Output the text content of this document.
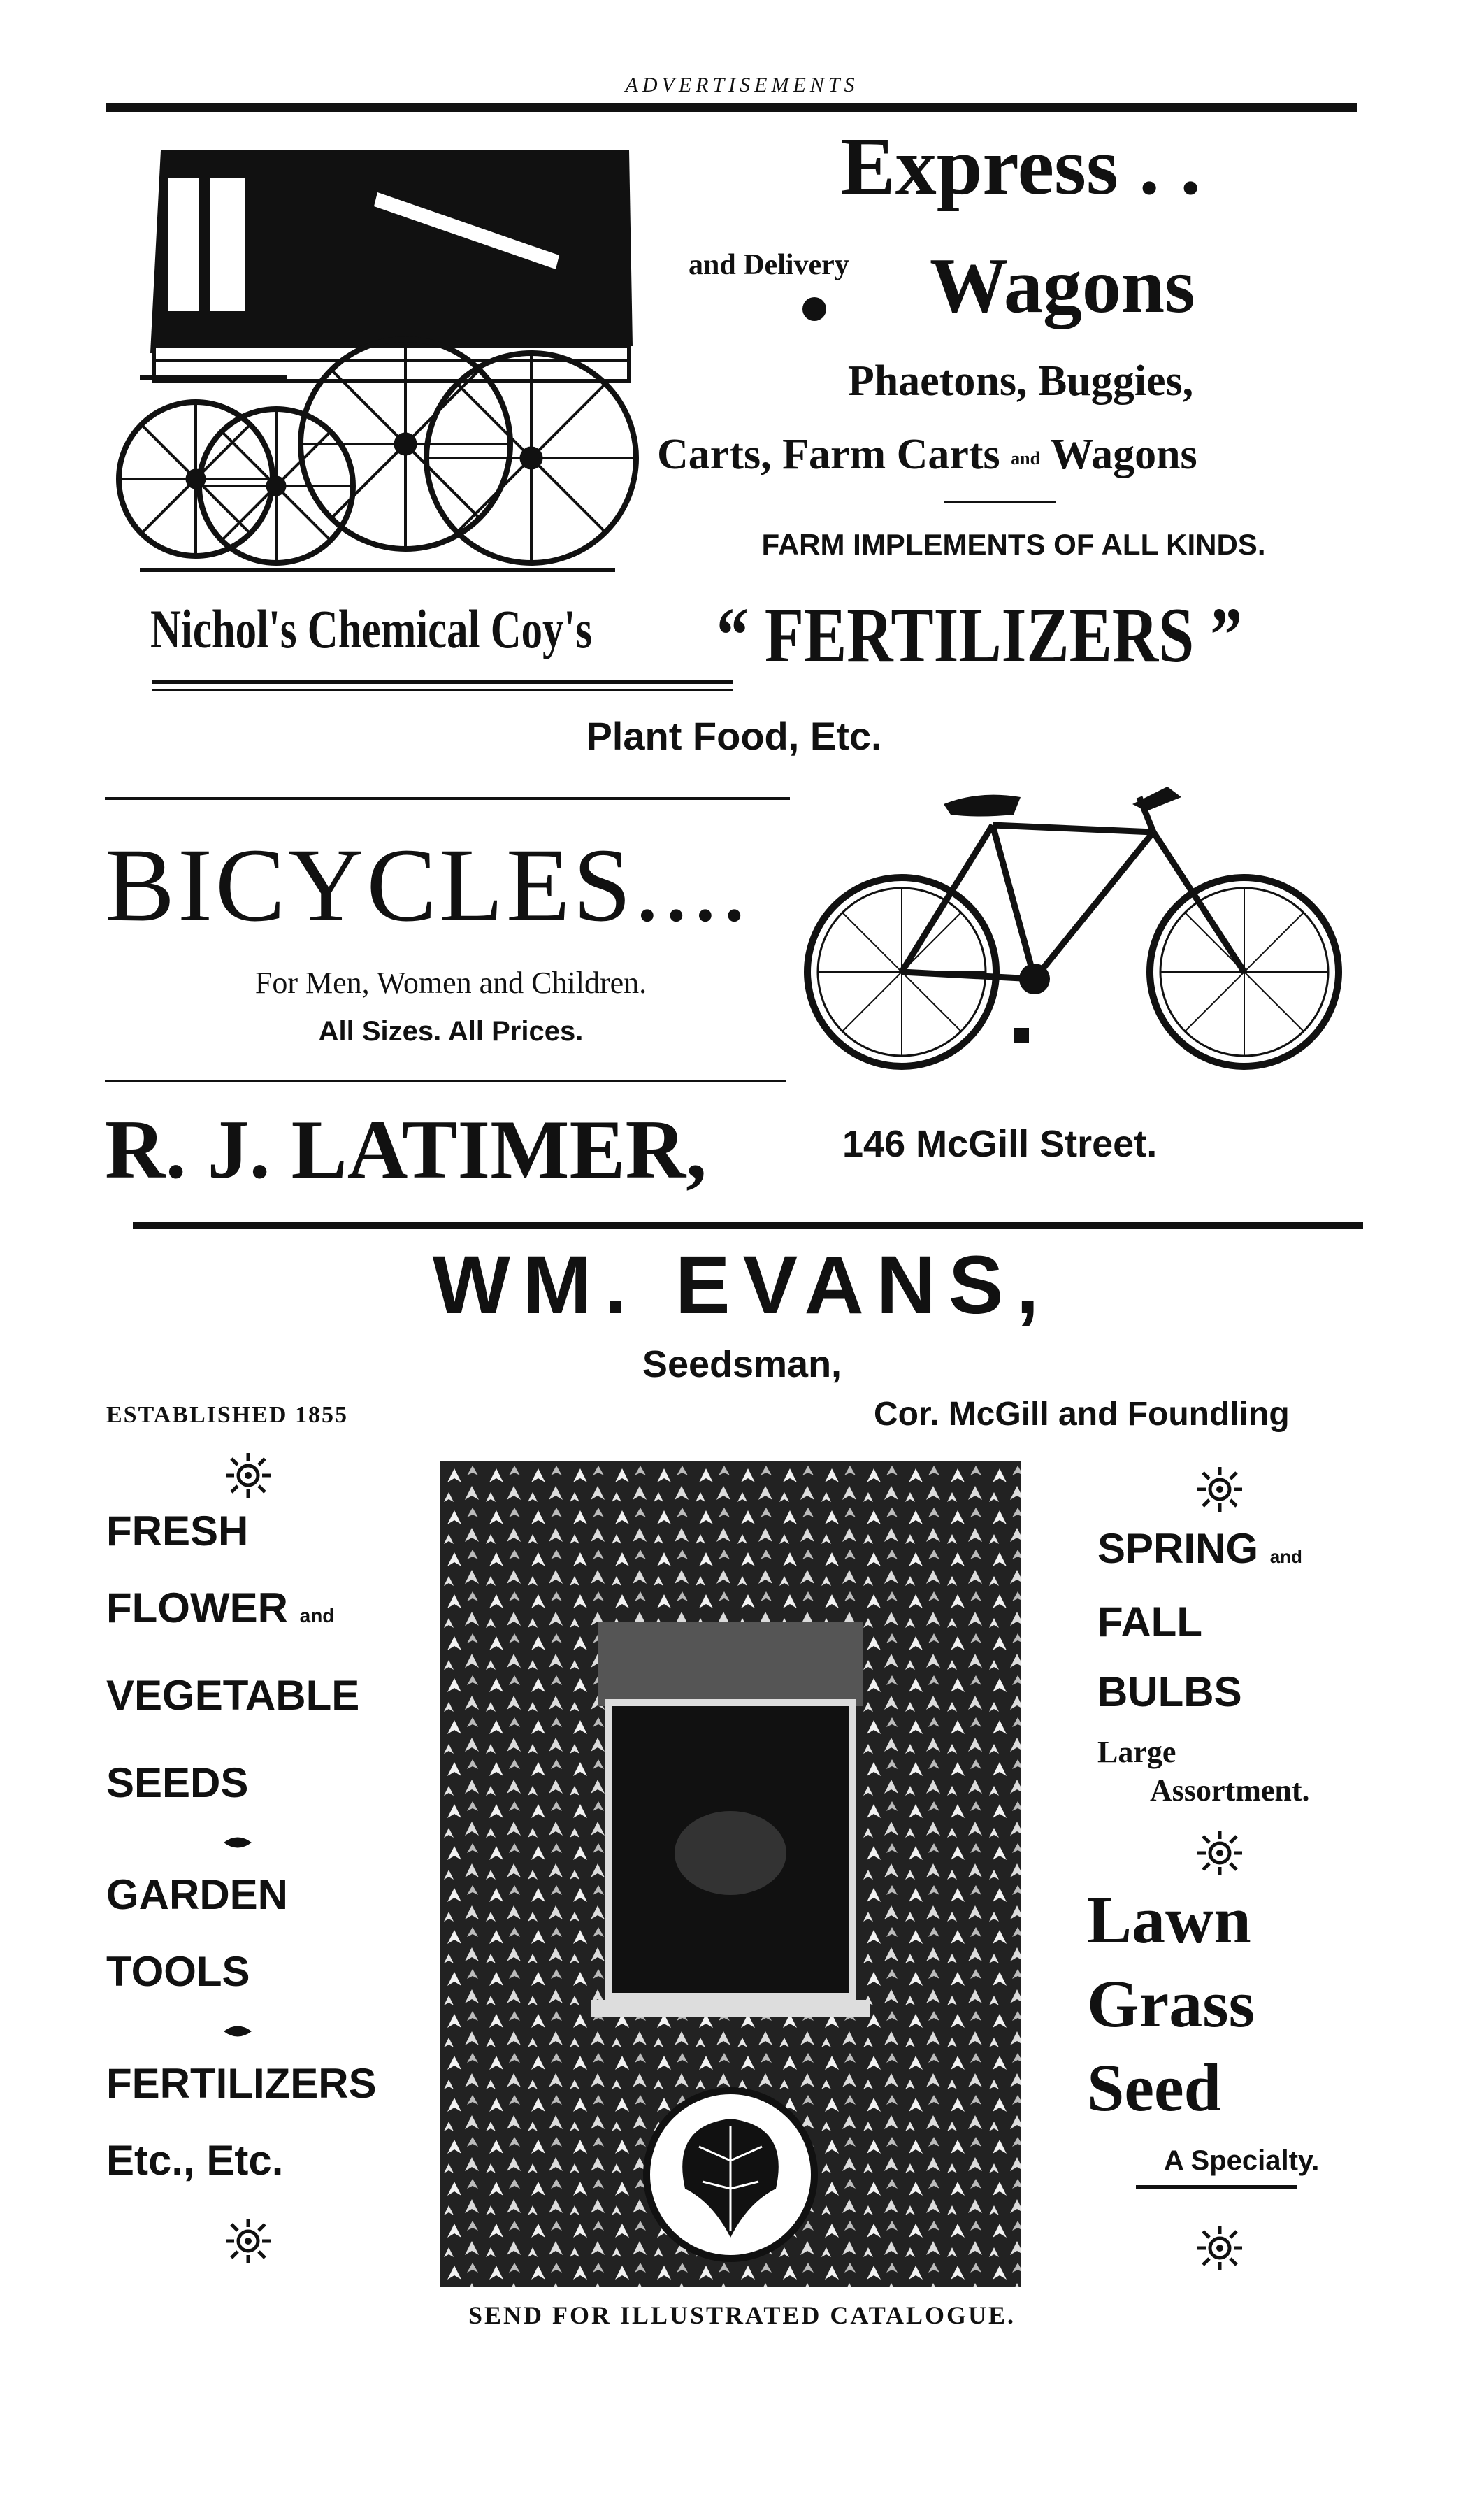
ADVERTISEMENTS
Express . .
and Delivery Wagons
Phaetons, Buggies,
Carts, Farm Carts and Wagons
FARM IMPLEMENTS OF ALL KINDS.
Nichol's Chemical Coy's “ FERTILIZERS ”
Plant Food, Etc.
BICYCLES....
For Men, Women and Children.
All Sizes. All Prices.
R. J. LATIMER,	146 McGill Street.
WM. EVANS,
Seedsman,
ESTABLISHED 1855	Cor. McGill and Foundling
FRESH
FLOWER and
VEGETABLE
SEEDS
GARDEN
TOOLS
FERTILIZERS
Etc., Etc.
SPRING and
FALL
BULBS
Large
Assortment.
Lawn
Grass
Seed
A Specialty.
SEND FOR ILLUSTRATED CATALOGUE.
